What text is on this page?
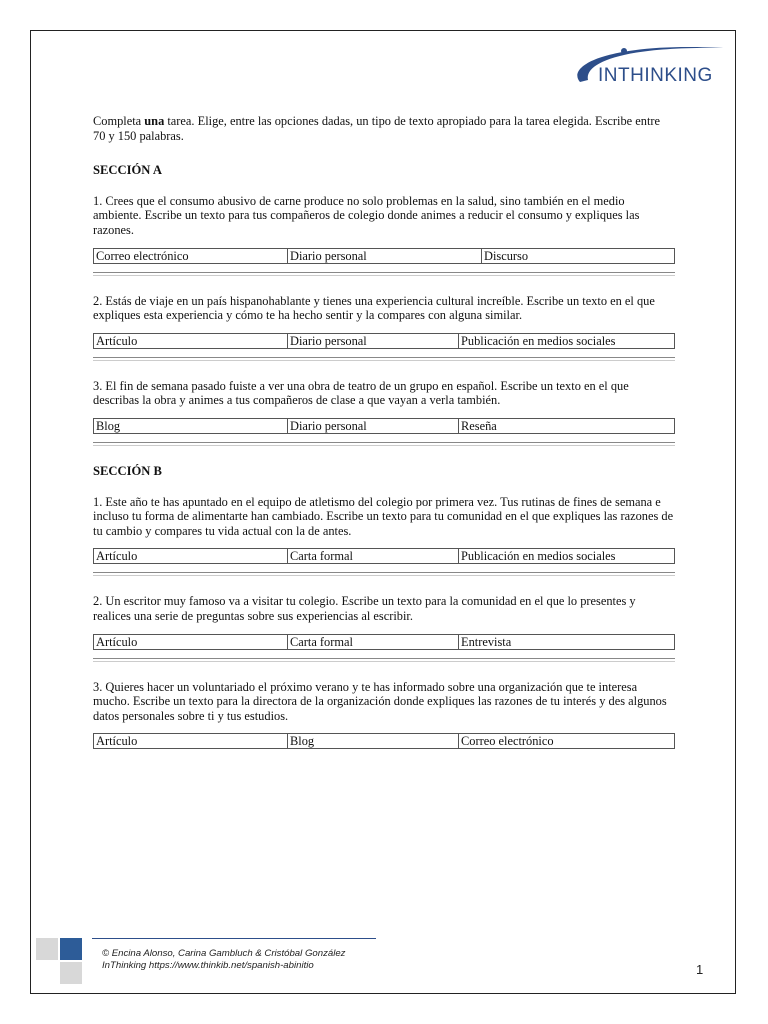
INTHINKING

Completa una tarea. Elige, entre las opciones dadas, un tipo de texto apropiado para la tarea elegida. Escribe entre 70 y 150 palabras.

SECCIÓN A

1. Crees que el consumo abusivo de carne produce no solo problemas en la salud, sino también en el medio ambiente. Escribe un texto para tus compañeros de colegio donde animes a reducir el consumo y expliques las razones.

Correo electrónico	Diario personal	Discurso

2. Estás de viaje en un país hispanohablante y tienes una experiencia cultural increíble. Escribe un texto en el que expliques esta experiencia y cómo te ha hecho sentir y la compares con alguna similar.

Artículo	Diario personal	Publicación en medios sociales

3. El fin de semana pasado fuiste a ver una obra de teatro de un grupo en español. Escribe un texto en el que describas la obra y animes a tus compañeros de clase a que vayan a verla también.

Blog	Diario personal	Reseña
SECCIÓN B

1. Este año te has apuntado en el equipo de atletismo del colegio por primera vez. Tus rutinas de fines de semana e incluso tu forma de alimentarte han cambiado. Escribe un texto para tu comunidad en el que expliques las razones de tu cambio y compares tu vida actual con la de antes.

Artículo	Carta formal	Publicación en medios sociales

2. Un escritor muy famoso va a visitar tu colegio. Escribe un texto para la comunidad en el que lo presentes y realices una serie de preguntas sobre sus experiencias al escribir.

Artículo	Carta formal	Entrevista

3. Quieres hacer un voluntariado el próximo verano y te has informado sobre una organización que te interesa mucho. Escribe un texto para la directora de la organización donde expliques las razones de tu interés y des algunos datos personales sobre ti y tus estudios.

Artículo	Blog	Correo electrónico
© Encina Alonso, Carina Gambluch & Cristóbal González
InThinking https://www.thinkib.net/spanish-abinitio	1
